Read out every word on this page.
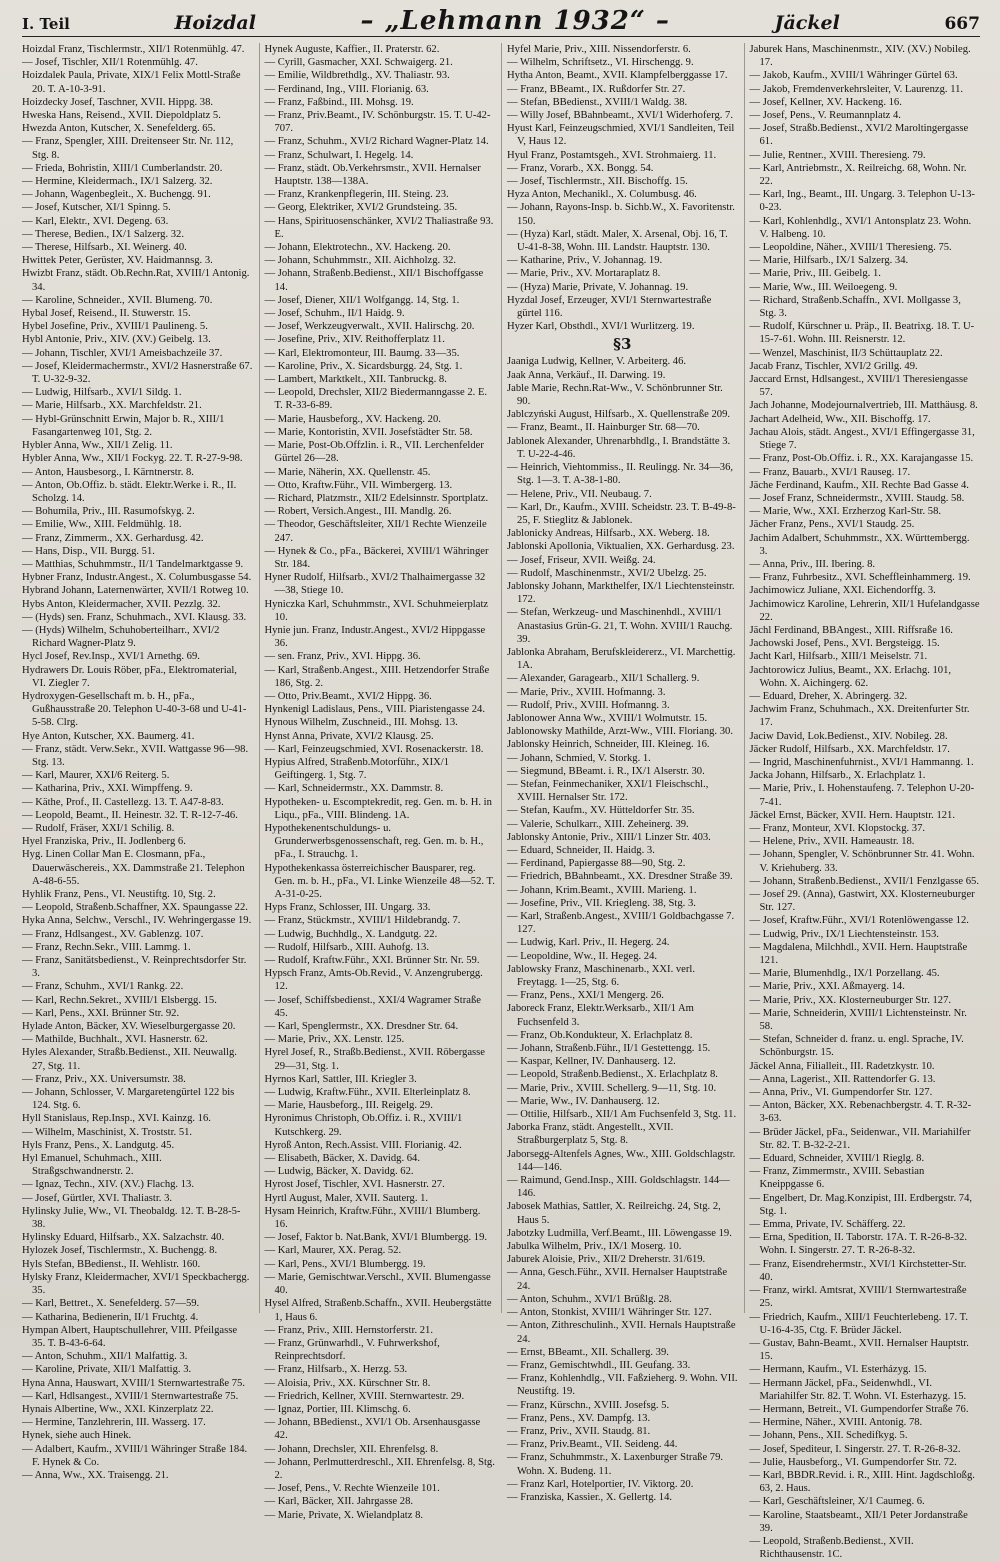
I. Teil	Hoizdal	– „Lehmann 1932“ –	Jäckel	667
Hoizdal Franz, Tischlermstr., XII/1 Rotenmühlg. 47.
— Josef, Tischler, XII/1 Rotenmühlg. 47.
Hoizdalek Paula, Private, XIX/1 Felix Mottl-Straße 20. T. A-10-3-91.
Hoizdecky Josef, Taschner, XVII. Hippg. 38.
Hweska Hans, Reisend., XVII. Diepoldplatz 5.
Hwezda Anton, Kutscher, X. Senefelderg. 65.
— Franz, Spengler, XIII. Dreitenseer Str. Nr. 112, Stg. 8.
— Frieda, Bohristin, XIII/1 Cumberlandstr. 20.
— Hermine, Kleidermach., IX/1 Salzerg. 32.
— Johann, Wagenbegleit., X. Buchengg. 91.
— Josef, Kutscher, XI/1 Spinng. 5.
— Karl, Elektr., XVI. Degeng. 63.
— Therese, Bedien., IX/1 Salzerg. 32.
— Therese, Hilfsarb., XI. Weinerg. 40.
Hwittek Peter, Gerüster, XV. Haidmannsg. 3.
Hwizbt Franz, städt. Ob.Rechn.Rat, XVIII/1 Antonig. 34.
— Karoline, Schneider., XVII. Blumeng. 70.
Hybal Josef, Reisend., II. Stuwerstr. 15.
Hybel Josefine, Priv., XVIII/1 Paulineng. 5.
Hybl Antonie, Priv., XIV. (XV.) Geibelg. 13.
— Johann, Tischler, XVI/1 Ameisbachzeile 37.
— Josef, Kleidermachermstr., XVI/2 Hasnerstraße 67. T. U-32-9-32.
— Ludwig, Hilfsarb., XVI/1 Sildg. 1.
— Marie, Hilfsarb., XX. Marchfeldstr. 21.
— Hybl-Grünschnitt Erwin, Major b. R., XIII/1 Fasangartenweg 101, Stg. 2.
Hybler Anna, Ww., XII/1 Zelig. 11.
Hybler Anna, Ww., XII/1 Fockyg. 22. T. R-27-9-98.
— Anton, Hausbesorg., I. Kärntnerstr. 8.
— Anton, Ob.Offiz. b. städt. Elektr.Werke i. R., II. Scholzg. 14.
— Bohumila, Priv., III. Rasumofskyg. 2.
— Emilie, Ww., XIII. Feldmühlg. 18.
— Franz, Zimmerm., XX. Gerhardusg. 42.
— Hans, Disp., VII. Burgg. 51.
— Matthias, Schuhmmstr., II/1 Tandelmarktgasse 9.
Hybner Franz, Industr.Angest., X. Columbusgasse 54.
Hybrand Johann, Laternenwärter, XVII/1 Rotweg 10.
Hybs Anton, Kleidermacher, XVII. Pezzlg. 32.
— (Hyds) sen. Franz, Schuhmach., XVI. Klausg. 33.
— (Hyds) Wilhelm, Schuhoberteilharr., XVI/2 Richard Wagner-Platz 9.
Hycl Josef, Rev.Insp., XVI/1 Arnethg. 69.
Hydrawers Dr. Louis Röber, pFa., Elektromaterial, VI. Ziegler 7.
Hydroxygen-Gesellschaft m. b. H., pFa., Gußhausstraße 20. Telephon U-40-3-68 und U-41-5-58. Clrg.
Hye Anton, Kutscher, XX. Baumerg. 41.
— Franz, städt. Verw.Sekr., XVII. Wattgasse 96—98. Stg. 13.
— Karl, Maurer, XXI/6 Reiterg. 5.
— Katharina, Priv., XXI. Wimpffeng. 9.
— Käthe, Prof., II. Castellezg. 13. T. A47-8-83.
— Leopold, Beamt., II. Heinestr. 32. T. R-12-7-46.
— Rudolf, Fräser, XXI/1 Schilig. 8.
Hyel Franziska, Priv., II. Jodlenberg 6.
Hyg. Linen Collar Man E. Closmann, pFa., Dauerwäschereis., XX. Dammstraße 21. Telephon A-48-6-55.
Hyhlik Franz, Pens., VI. Neustiftg. 10, Stg. 2.
— Leopold, Straßenb.Schaffner, XX. Spaungasse 22.
Hyka Anna, Selchw., Verschl., IV. Wehringergasse 19.
— Franz, Hdlsangest., XV. Gablenzg. 107.
— Franz, Rechn.Sekr., VIII. Lammg. 1.
— Franz, Sanitätsbedienst., V. Reinprechtsdorfer Str. 3.
— Franz, Schuhm., XVI/1 Rankg. 22.
— Karl, Rechn.Sekret., XVIII/1 Elsbergg. 15.
— Karl, Pens., XXI. Brünner Str. 92.
Hylade Anton, Bäcker, XV. Wieselburgergasse 20.
— Mathilde, Buchhalt., XVI. Hasnerstr. 62.
Hyles Alexander, Straßb.Bedienst., XII. Neuwallg. 27, Stg. 11.
— Franz, Priv., XX. Universumstr. 38.
— Johann, Schlosser, V. Margaretengürtel 122 bis 124. Stg. 6.
Hyll Stanislaus, Rep.Insp., XVI. Kainzg. 16.
— Wilhelm, Maschinist, X. Troststr. 51.
Hyls Franz, Pens., X. Landgutg. 45.
Hyl Emanuel, Schuhmach., XIII. Straßgschwandnerstr. 2.
— Ignaz, Techn., XIV. (XV.) Flachg. 13.
— Josef, Gürtler, XVI. Thaliastr. 3.
Hylinsky Julie, Ww., VI. Theobaldg. 12. T. B-28-5-38.
Hylinsky Eduard, Hilfsarb., XX. Salzachstr. 40.
Hylozek Josef, Tischlermstr., X. Buchengg. 8.
Hyls Stefan, BBedienst., II. Wehlistr. 160.
Hylsky Franz, Kleidermacher, XVI/1 Speckbachergg. 35.
— Karl, Bettret., X. Senefelderg. 57—59.
— Katharina, Bedienerin, II/1 Fruchtg. 4.
Hympan Albert, Hauptschullehrer, VIII. Pfeilgasse 35. T. B-43-6-64.
— Anton, Schuhm., XII/1 Malfattig. 3.
— Karoline, Private, XII/1 Malfattig. 3.
Hyna Anna, Hauswart, XVIII/1 Sternwartestraße 75.
— Karl, Hdlsangest., XVIII/1 Sternwartestraße 75.
Hynais Albertine, Ww., XXI. Kinzerplatz 22.
— Hermine, Tanzlehrerin, III. Wasserg. 17.
Hynek, siehe auch Hinek.
— Adalbert, Kaufm., XVIII/1 Währinger Straße 184. F. Hynek & Co.
— Anna, Ww., XX. Traisengg. 21.
Hynek Auguste, Kaffier., II. Praterstr. 62.
— Cyrill, Gasmacher, XXI. Schwaigerg. 21.
— Emilie, Wildbrethdlg., XV. Thaliastr. 93.
— Ferdinand, Ing., VIII. Florianig. 63.
— Franz, Faßbind., III. Mohsg. 19.
— Franz, Priv.Beamt., IV. Schönburgstr. 15. T. U-42-707.
— Franz, Schuhm., XVI/2 Richard Wagner-Platz 14.
— Franz, Schulwart, I. Hegelg. 14.
— Franz, städt. Ob.Verkehrsmstr., XVII. Hernalser Hauptstr. 138—138A.
— Franz, Krankenpflegerin, III. Steing. 23.
— Georg, Elektriker, XVI/2 Grundsteing. 35.
— Hans, Spirituosenschänker, XVI/2 Thaliastraße 93. E.
— Johann, Elektrotechn., XV. Hackeng. 20.
— Johann, Schuhmmstr., XII. Aichholzg. 32.
— Johann, Straßenb.Bedienst., XII/1 Bischoffgasse 14.
— Josef, Diener, XII/1 Wolfgangg. 14, Stg. 1.
— Josef, Schuhm., II/1 Haidg. 9.
— Josef, Werkzeugverwalt., XVII. Halirschg. 20.
— Josefine, Priv., XIV. Reithofferplatz 11.
— Karl, Elektromonteur, III. Baumg. 33—35.
— Karoline, Priv., X. Sicardsburgg. 24, Stg. 1.
— Lambert, Marktkelt., XII. Tanbruckg. 8.
— Leopold, Drechsler, XII/2 Biedermanngasse 2. E. T. R-33-6-89.
— Marie, Hausbeforg., XV. Hackeng. 20.
— Marie, Kontoristin, XVII. Josefstädter Str. 58.
— Marie, Post-Ob.Offzlin. i. R., VII. Lerchenfelder Gürtel 26—28.
— Marie, Näherin, XX. Quellenstr. 45.
— Otto, Kraftw.Führ., VII. Wimbergerg. 13.
— Richard, Platzmstr., XII/2 Edelsinnstr. Sportplatz.
— Robert, Versich.Angest., III. Mandlg. 26.
— Theodor, Geschäftsleiter, XII/1 Rechte Wienzeile 247.
— Hynek & Co., pFa., Bäckerei, XVIII/1 Währinger Str. 184.
Hyner Rudolf, Hilfsarb., XVI/2 Thalhaimergasse 32—38, Stiege 10.
Hyniczka Karl, Schuhmmstr., XVI. Schuhmeierplatz 10.
Hynie jun. Franz, Industr.Angest., XVI/2 Hippgasse 36.
— sen. Franz, Priv., XVI. Hippg. 36.
— Karl, Straßenb.Angest., XIII. Hetzendorfer Straße 186, Stg. 2.
— Otto, Priv.Beamt., XVI/2 Hippg. 36.
Hynkenigl Ladislaus, Pens., VIII. Piaristengasse 24.
Hynous Wilhelm, Zuschneid., III. Mohsg. 13.
Hynst Anna, Private, XVI/2 Klausg. 25.
— Karl, Feinzeugschmied, XVI. Rosenackerstr. 18.
Hypius Alfred, Straßenb.Motorführ., XIX/1 Geiftingerg. 1, Stg. 7.
— Karl, Schneidermstr., XX. Dammstr. 8.
Hypotheken- u. Escomptekredit, reg. Gen. m. b. H. in Liqu., pFa., VIII. Blindeng. 1A.
Hypothekenentschuldungs- u. Grunderwerbsgenossenschaft, reg. Gen. m. b. H., pFa., I. Strauchg. 1.
Hypothekenkassa österreichischer Bausparer, reg. Gen. m. b. H., pFa., VI. Linke Wienzeile 48—52. T. A-31-0-25.
Hyps Franz, Schlosser, III. Ungarg. 33.
— Franz, Stückmstr., XVIII/1 Hildebrandg. 7.
— Ludwig, Buchhdlg., X. Landgutg. 22.
— Rudolf, Hilfsarb., XIII. Auhofg. 13.
— Rudolf, Kraftw.Führ., XXI. Brünner Str. Nr. 59.
Hypsch Franz, Amts-Ob.Revid., V. Anzengrubergg. 12.
— Josef, Schiffsbedienst., XXI/4 Wagramer Straße 45.
— Karl, Spenglermstr., XX. Dresdner Str. 64.
— Marie, Priv., XX. Lenstr. 125.
Hyrel Josef, R., Straßb.Bedienst., XVII. Röbergasse 29—31, Stg. 1.
Hyrnos Karl, Sattler, III. Kriegler 3.
— Ludwig, Kraftw.Führ., XVII. Elterleinplatz 8.
— Marie, Hausbeforg., III. Reigelg. 29.
Hyronimus Christoph, Ob.Offiz. i. R., XVIII/1 Kutschkerg. 29.
Hyroß Anton, Rech.Assist. VIII. Florianig. 42.
— Elisabeth, Bäcker, X. Davidg. 64.
— Ludwig, Bäcker, X. Davidg. 62.
Hyrost Josef, Tischler, XVI. Hasnerstr. 27.
Hyrtl August, Maler, XVII. Sauterg. 1.
Hysam Heinrich, Kraftw.Führ., XVIII/1 Blumberg. 16.
— Josef, Faktor b. Nat.Bank, XVI/1 Blumbergg. 19.
— Karl, Maurer, XX. Perag. 52.
— Karl, Pens., XVI/1 Blumbergg. 19.
— Marie, Gemischtwar.Verschl., XVII. Blumengasse 40.
Hysel Alfred, Straßenb.Schaffn., XVII. Heubergstätte 1, Haus 6.
— Franz, Priv., XIII. Hernstorferstr. 21.
— Franz, Grünwarhdl., V. Fuhrwerkshof, Reinprechtsdorf.
— Franz, Hilfsarb., X. Herzg. 53.
— Aloisia, Priv., XX. Kürschner Str. 8.
— Friedrich, Kellner, XVIII. Sternwartestr. 29.
— Ignaz, Portier, III. Klimschg. 6.
— Johann, BBedienst., XVI/1 Ob. Arsenhausgasse 42.
— Johann, Drechsler, XII. Ehrenfelsg. 8.
— Johann, Perlmutterdreschl., XII. Ehrenfelsg. 8, Stg. 2.
— Josef, Pens., V. Rechte Wienzeile 101.
— Karl, Bäcker, XII. Jahrgasse 28.
— Marie, Private, X. Wielandplatz 8.
Hyfel Marie, Priv., XIII. Nissendorferstr. 6.
— Wilhelm, Schriftsetz., VI. Hirschengg. 9.
Hytha Anton, Beamt., XVII. Klampfelberggasse 17.
— Franz, BBeamt., IX. Rußdorfer Str. 27.
— Stefan, BBedienst., XVIII/1 Waldg. 38.
— Willy Josef, BBahnbeamt., XVI/1 Widerhoferg. 7.
Hyust Karl, Feinzeugschmied, XVI/1 Sandleiten, Teil V, Haus 12.
Hyul Franz, Postamtsgeh., XVI. Strohmaierg. 11.
— Franz, Vorarb., XX. Bongg. 54.
— Josef, Tischlermstr., XII. Bischoffg. 15.
Hyza Anton, Mechanikl., X. Columbusg. 46.
— Johann, Rayons-Insp. b. Sichb.W., X. Favoritenstr. 150.
— (Hyza) Karl, städt. Maler, X. Arsenal, Obj. 16, T. U-41-8-38, Wohn. III. Landstr. Hauptstr. 130.
— Katharine, Priv., V. Johannag. 19.
— Marie, Priv., XV. Mortaraplatz 8.
— (Hyza) Marie, Private, V. Johannag. 19.
Hyzdal Josef, Erzeuger, XVI/1 Sternwartestraße gürtel 116.
Hyzer Karl, Obsthdl., XVI/1 Wurlitzerg. 19.
§3
Jaaniga Ludwig, Kellner, V. Arbeiterg. 46.
Jaak Anna, Verkäuf., II. Darwing. 19.
Jable Marie, Rechn.Rat-Ww., V. Schönbrunner Str. 90.
Jablczyński August, Hilfsarb., X. Quellenstraße 209.
— Franz, Beamt., II. Hainburger Str. 68—70.
Jablonek Alexander, Uhrenarbhdlg., I. Brandstätte 3. T. U-22-4-46.
— Heinrich, Viehtommiss., II. Reulingg. Nr. 34—36, Stg. 1—3. T. A-38-1-80.
— Helene, Priv., VII. Neubaug. 7.
— Karl, Dr., Kaufm., XVIII. Scheidstr. 23. T. B-49-8-25, F. Stieglitz & Jablonek.
Jablonicky Andreas, Hilfsarb., XX. Weberg. 18.
Jablonski Apollonia, Viktualien, XX. Gerhardusg. 23.
— Josef, Friseur, XVII. Weißg. 24.
— Rudolf, Maschinenmstr., XVI/2 Ubelzg. 25.
Jablonsky Johann, Markthelfer, IX/1 Liechtensteinstr. 172.
— Stefan, Werkzeug- und Maschinenhdl., XVIII/1 Anastasius Grün-G. 21, T. Wohn. XVIII/1 Rauchg. 39.
Jablonka Abraham, Berufskleidererz., VI. Marchettig. 1A.
— Alexander, Garagearb., XII/1 Schallerg. 9.
— Marie, Priv., XVIII. Hofmanng. 3.
— Rudolf, Priv., XVIII. Hofmanng. 3.
Jablonower Anna Ww., XVIII/1 Wolmutstr. 15.
Jablonowsky Mathilde, Arzt-Ww., VIII. Floriang. 30.
Jablonsky Heinrich, Schneider, III. Kleineg. 16.
— Johann, Schmied, V. Storkg. 1.
— Siegmund, BBeamt. i. R., IX/1 Alserstr. 30.
— Stefan, Feinmechaniker, XXI/1 Fleischschl., XVIII. Hernalser Str. 172.
— Stefan, Kaufm., XV. Hütteldorfer Str. 35.
— Valerie, Schulkarr., XIII. Zeheinerg. 39.
Jablonsky Antonie, Priv., XIII/1 Linzer Str. 403.
— Eduard, Schneider, II. Haidg. 3.
— Ferdinand, Papiergasse 88—90, Stg. 2.
— Friedrich, BBahnbeamt., XX. Dresdner Straße 39.
— Johann, Krim.Beamt., XVIII. Marieng. 1.
— Josefine, Priv., VII. Kriegleng. 38, Stg. 3.
— Karl, Straßenb.Angest., XVIII/1 Goldbachgasse 7. 127.
— Ludwig, Karl. Priv., II. Hegerg. 24.
— Leopoldine, Ww., II. Hegeg. 24.
Jablowsky Franz, Maschinenarb., XXI. verl. Freytagg. 1—25, Stg. 6.
— Franz, Pens., XXI/1 Mengerg. 26.
Jaboreck Franz, Elektr.Werksarb., XII/1 Am Fuchsenfeld 3.
— Franz, Ob.Kondukteur, X. Erlachplatz 8.
— Johann, Straßenb.Führ., II/1 Gestettengg. 15.
— Kaspar, Kellner, IV. Danhauserg. 12.
— Leopold, Straßenb.Bedienst., X. Erlachplatz 8.
— Marie, Priv., XVIII. Schellerg. 9—11, Stg. 10.
— Marie, Ww., IV. Danhauserg. 12.
— Ottilie, Hilfsarb., XII/1 Am Fuchsenfeld 3, Stg. 11.
Jaborka Franz, städt. Angestellt., XVII. Straßburgerplatz 5, Stg. 8.
Jaborsegg-Altenfels Agnes, Ww., XIII. Goldschlagstr. 144—146.
— Raimund, Gend.Insp., XIII. Goldschlagstr. 144—146.
Jabosek Mathias, Sattler, X. Reilreichg. 24, Stg. 2, Haus 5.
Jabotzky Ludmilla, Verf.Beamt., III. Löwengasse 19.
Jabulka Wilhelm, Priv., IX/1 Moserg. 10.
Jaburek Aloisie, Priv., XII/2 Dreherstr. 31/619.
— Anna, Gesch.Führ., XVII. Hernalser Hauptstraße 24.
— Anton, Schuhm., XVI/1 Brüßlg. 28.
— Anton, Stonkist, XVIII/1 Währinger Str. 127.
— Anton, Zithreschulinh., XVII. Hernals Hauptstraße 24.
— Ernst, BBeamt., XII. Schallerg. 39.
— Franz, Gemischtwhdl., III. Geufang. 33.
— Franz, Kohlenhdlg., VII. Faßzieherg. 9. Wohn. VII. Neustiftg. 19.
— Franz, Kürschn., XVIII. Josefsg. 5.
— Franz, Pens., XV. Dampfg. 13.
— Franz, Priv., XVII. Staudg. 81.
— Franz, Priv.Beamt., VII. Seideng. 44.
— Franz, Schuhmmstr., X. Laxenburger Straße 79. Wohn. X. Budeng. 11.
— Franz Karl, Hotelportier, IV. Viktorg. 20.
— Franziska, Kassier., X. Gellertg. 14.
Jaburek Hans, Maschinenmstr., XIV. (XV.) Nobileg. 17.
— Jakob, Kaufm., XVIII/1 Währinger Gürtel 63.
— Jakob, Fremdenverkehrsleiter, V. Laurenzg. 11.
— Josef, Kellner, XV. Hackeng. 16.
— Josef, Pens., V. Reumannplatz 4.
— Josef, Straßb.Bedienst., XVI/2 Maroltingergasse 61.
— Julie, Rentner., XVIII. Theresieng. 79.
— Karl, Antriebmstr., X. Reilreichg. 68, Wohn. Nr. 22.
— Karl, Ing., Beamt., III. Ungarg. 3. Telephon U-13-0-23.
— Karl, Kohlenhdlg., XVI/1 Antonsplatz 23. Wohn. V. Halbeng. 10.
— Leopoldine, Näher., XVIII/1 Theresieng. 75.
— Marie, Hilfsarb., IX/1 Salzerg. 34.
— Marie, Priv., III. Geibelg. 1.
— Marie, Ww., III. Weiloegeng. 9.
— Richard, Straßenb.Schaffn., XVI. Mollgasse 3, Stg. 3.
— Rudolf, Kürschner u. Präp., II. Beatrixg. 18. T. U-15-7-61. Wohn. III. Reisnerstr. 12.
— Wenzel, Maschinist, II/3 Schüttauplatz 22.
Jacab Franz, Tischler, XVI/2 Grillg. 49.
Jaccard Ernst, Hdlsangest., XVIII/1 Theresiengasse 57.
Jach Johanne, Modejournalvertrieb, III. Matthäusg. 8.
Jachart Adelheid, Ww., XII. Bischoffg. 17.
Jachau Alois, städt. Angest., XVI/1 Effingergasse 31, Stiege 7.
— Franz, Post-Ob.Offiz. i. R., XX. Karajangasse 15.
— Franz, Bauarb., XVI/1 Rauseg. 17.
Jäche Ferdinand, Kaufm., XII. Rechte Bad Gasse 4.
— Josef Franz, Schneidermstr., XVIII. Staudg. 58.
— Marie, Ww., XXI. Erzherzog Karl-Str. 58.
Jächer Franz, Pens., XVI/1 Staudg. 25.
Jachim Adalbert, Schuhmmstr., XX. Württembergg. 3.
— Anna, Priv., III. Ibering. 8.
— Franz, Fuhrbesitz., XVI. Scheffleinhammerg. 19.
Jachimowicz Juliane, XXI. Eichendorffg. 3.
Jachimowicz Karoline, Lehrerin, XII/1 Hufelandgasse 22.
Jächl Ferdinand, BBAngest., XIII. Riffsraße 16.
Jachowski Josef, Pens., XVI. Bergsteigg. 15.
Jacht Karl, Hilfsarb., XIII/1 Meiselstr. 71.
Jachtorowicz Julius, Beamt., XX. Erlachg. 101, Wohn. X. Aichingerg. 62.
— Eduard, Dreher, X. Abringerg. 32.
Jachwim Franz, Schuhmach., XX. Dreitenfurter Str. 17.
Jaciw David, Lok.Bedienst., XIV. Nobileg. 28.
Jäcker Rudolf, Hilfsarb., XX. Marchfeldstr. 17.
— Ingrid, Maschinenfuhrnist., XVI/1 Hammanng. 1.
Jacka Johann, Hilfsarb., X. Erlachplatz 1.
— Marie, Priv., I. Hohenstaufeng. 7. Telephon U-20-7-41.
Jäckel Ernst, Bäcker, XVII. Hern. Hauptstr. 121.
— Franz, Monteur, XVI. Klopstockg. 37.
— Helene, Priv., XVII. Hameaustr. 18.
— Johann, Spengler, V. Schönbrunner Str. 41. Wohn. V. Kriehuberg. 33.
— Johann, Straßenb.Bedienst., XVII/1 Fenzlgasse 65.
— Josef 29. (Anna), Gastwirt, XX. Klosterneuburger Str. 127.
— Josef, Kraftw.Führ., XVI/1 Rotenlöwengasse 12.
— Ludwig, Priv., IX/1 Liechtensteinstr. 153.
— Magdalena, Milchhdl., XVII. Hern. Hauptstraße 121.
— Marie, Blumenhdlg., IX/1 Porzellang. 45.
— Marie, Priv., XXI. Aßmayerg. 14.
— Marie, Priv., XX. Klosterneuburger Str. 127.
— Marie, Schneiderin, XVIII/1 Lichtensteinstr. Nr. 58.
— Stefan, Schneider d. franz. u. engl. Sprache, IV. Schönburgstr. 15.
Jäckel Anna, Filialleit., III. Radetzkystr. 10.
— Anna, Lagerist., XII. Rattendorfer G. 13.
— Anna, Priv., VI. Gumpendorfer Str. 127.
— Anton, Bäcker, XX. Rebenachbergstr. 4. T. R-32-3-63.
— Brüder Jäckel, pFa., Seidenwar., VII. Mariahilfer Str. 82. T. B-32-2-21.
— Eduard, Schneider, XVIII/1 Rieglg. 8.
— Franz, Zimmermstr., XVIII. Sebastian Kneippgasse 6.
— Engelbert, Dr. Mag.Konzipist, III. Erdbergstr. 74, Stg. 1.
— Emma, Private, IV. Schäfferg. 22.
— Erna, Spedition, II. Taborstr. 17A. T. R-26-8-32. Wohn. I. Singerstr. 27. T. R-26-8-32.
— Franz, Eisendrehermstr., XVI/1 Kirchstetter-Str. 40.
— Franz, wirkl. Amtsrat, XVIII/1 Sternwartestraße 25.
— Friedrich, Kaufm., XIII/1 Feuchterlebeng. 17. T. U-16-4-35, Ctg. F. Brüder Jäckel.
— Gustav, Bahn-Beamt., XVII. Hernalser Hauptstr. 15.
— Hermann, Kaufm., VI. Esterházyg. 15.
— Hermann Jäckel, pFa., Seidenwhdl., VI. Mariahilfer Str. 82. T. Wohn. VI. Esterhazyg. 15.
— Hermann, Betreit., VI. Gumpendorfer Straße 76.
— Hermine, Näher., XVIII. Antonig. 78.
— Johann, Pens., XII. Schedifkyg. 5.
— Josef, Spediteur, I. Singerstr. 27. T. R-26-8-32.
— Julie, Hausbeforg., VI. Gumpendorfer Str. 72.
— Karl, BBDR.Revid. i. R., XIII. Hint. Jagdschloßg. 63, 2. Haus.
— Karl, Geschäftsleiner, X/1 Caumeg. 6.
— Karoline, Staatsbeamt., XII/1 Peter Jordanstraße 39.
— Leopold, Straßenb.Bedienst., XVII. Richthausenstr. 1C.
